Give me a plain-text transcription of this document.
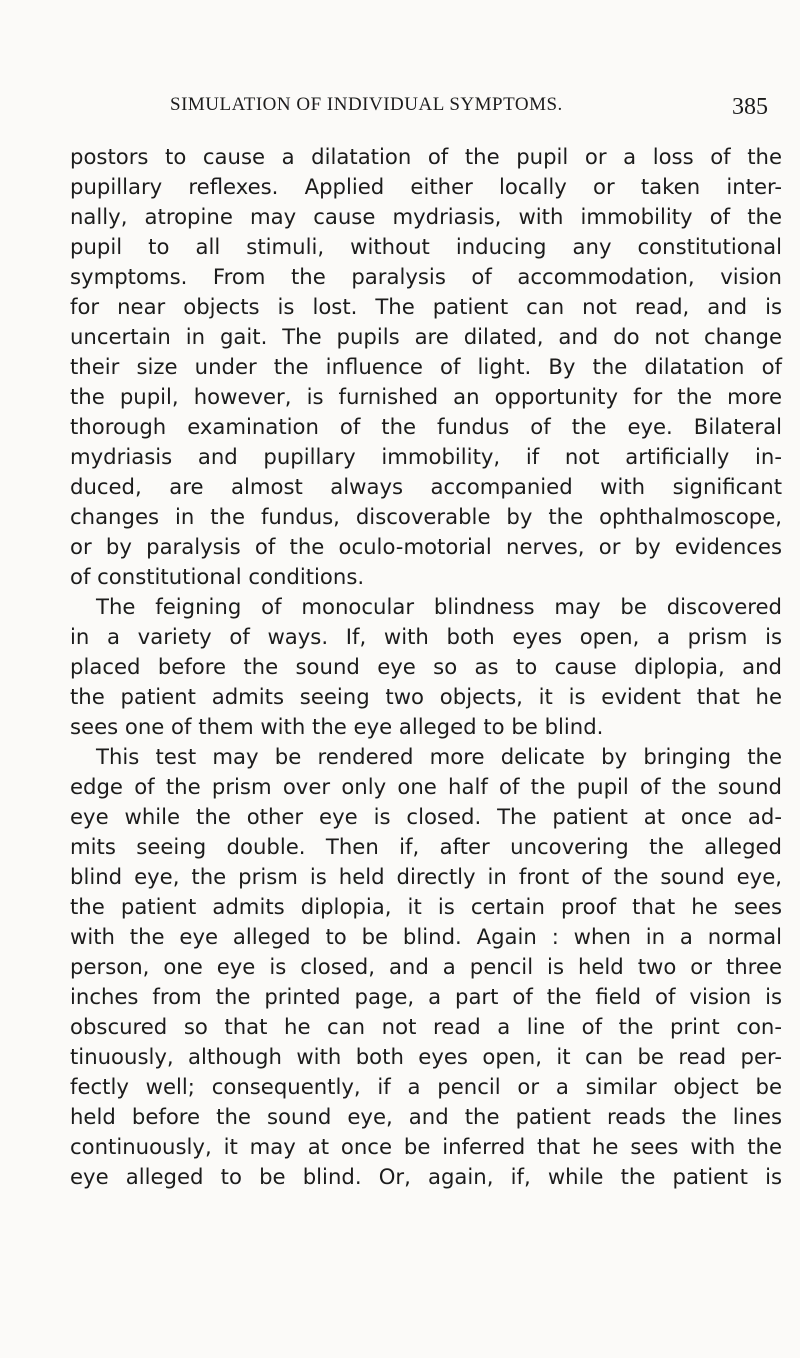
SIMULATION OF INDIVIDUAL SYMPTOMS.	385
postors to cause a dilatation of the pupil or a loss of the
pupillary reflexes. Applied either locally or taken inter-
nally, atropine may cause mydriasis, with immobility of the
pupil to all stimuli, without inducing any constitutional
symptoms. From the paralysis of accommodation, vision
for near objects is lost. The patient can not read, and is
uncertain in gait. The pupils are dilated, and do not change
their size under the influence of light. By the dilatation of
the pupil, however, is furnished an opportunity for the more
thorough examination of the fundus of the eye. Bilateral
mydriasis and pupillary immobility, if not artificially in-
duced, are almost always accompanied with significant
changes in the fundus, discoverable by the ophthalmoscope,
or by paralysis of the oculo-motorial nerves, or by evidences
of constitutional conditions.
The feigning of monocular blindness may be discovered
in a variety of ways. If, with both eyes open, a prism is
placed before the sound eye so as to cause diplopia, and
the patient admits seeing two objects, it is evident that he
sees one of them with the eye alleged to be blind.
This test may be rendered more delicate by bringing the
edge of the prism over only one half of the pupil of the sound
eye while the other eye is closed. The patient at once ad-
mits seeing double. Then if, after uncovering the alleged
blind eye, the prism is held directly in front of the sound eye,
the patient admits diplopia, it is certain proof that he sees
with the eye alleged to be blind. Again : when in a normal
person, one eye is closed, and a pencil is held two or three
inches from the printed page, a part of the field of vision is
obscured so that he can not read a line of the print con-
tinuously, although with both eyes open, it can be read per-
fectly well; consequently, if a pencil or a similar object be
held before the sound eye, and the patient reads the lines
continuously, it may at once be inferred that he sees with the
eye alleged to be blind. Or, again, if, while the patient is
